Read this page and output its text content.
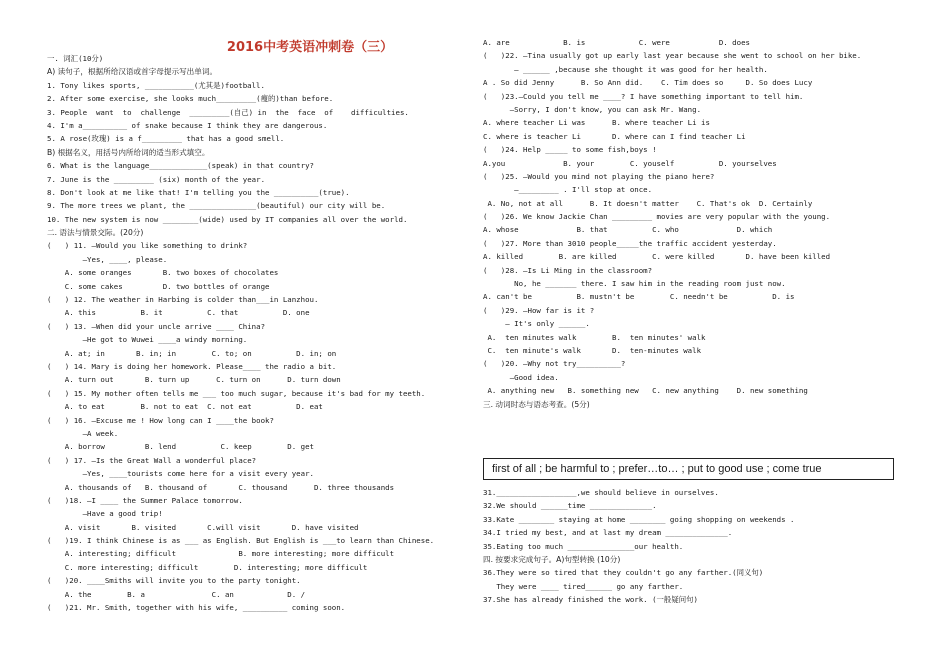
2016中考英语冲刺卷（三）
一. 词汇(10分)
A) 读句子，根据所给汉语或首字母提示写出单词。
1. Tony likes sports, ___________(尤其是)football.
2. After some exercise, she looks much_________(瘦的)than before.
3. People  want  to  challenge  _________(自己) in  the  face  of    difficulties.
4. I'm a__________ of snake because I think they are dangerous.
5. A rose(玫瑰) is a f_________ that has a good smell.
B) 根据名义，用括号内所给词的适当形式填空。
6. What is the language_____________(speak) in that country?
7. June is the _________ (six) month of the year.
8. Don't look at me like that! I'm telling you the __________(true).
9. The more trees we plant, the _______________(beautiful) our city will be.
10. The new system is now ________(wide) used by IT companies all over the world.
二. 语法与情景交际。(20分)
(   ) 11. —Would you like something to drink?
—Yes, ____, please.
A. some oranges       B. two boxes of chocolates
C. some cakes         D. two bottles of orange
(   ) 12. The weather in Harbing is colder than___in Lanzhou.
A. this          B. it          C. that          D. one
(   ) 13. —When did your uncle arrive ____ China?
—He got to Wuwei ____a windy morning.
A. at; in       B. in; in        C. to; on          D. in; on
(   ) 14. Mary is doing her homework. Please____ the radio a bit.
A. turn out       B. turn up      C. turn on      D. turn down
(   ) 15. My mother often tells me ___ too much sugar, because it's bad for my teeth.
A. to eat        B. not to eat  C. not eat          D. eat
(   ) 16. —Excuse me ! How long can I ____the book?
—A week.
A. borrow         B. lend          C. keep        D. get
(   ) 17. —Is the Great Wall a wonderful place?
—Yes, ____tourists come here for a visit every year.
A. thousands of   B. thousand of       C. thousand      D. three thousands
(   )18. —I ____ the Summer Palace tomorrow.
—Have a good trip!
A. visit       B. visited       C.will visit       D. have visited
(   )19. I think Chinese is as ___ as English. But English is ___to learn than Chinese.
A. interesting; difficult              B. more interesting; more difficult
C. more interesting; difficult        D. interesting; more difficult
(   )20. ____Smiths will invite you to the party tonight.
A. the        B. a               C. an            D. /
(   )21. Mr. Smith, together with his wife, __________ coming soon.
A. are            B. is            C. were           D. does
(   )22. —Tina usually got up early last year because she went to school on her bike.
— ______ ,because she thought it was good for her health.
A . So did Jenny      B. So Ann did.    C. Tim does so     D. So does Lucy
(   )23.—Could you tell me ____? I have something important to tell him.
—Sorry, I don't know, you can ask Mr. Wang.
A. where teacher Li was      B. where teacher Li is
C. where is teacher Li       D. where can I find teacher Li
(   )24. Help _____ to some fish,boys !
A.you             B. your        C. youself          D. yourselves
(   )25. —Would you mind not playing the piano here?
—_________ . I'll stop at once.
A. No, not at all      B. It doesn't matter    C. That's ok  D. Certainly
(   )26. We know Jackie Chan _________ movies are very popular with the young.
A. whose             B. that          C. who             D. which
(   )27. More than 3010 people_____the traffic accident yesterday.
A. killed        B. are killed        C. were killed       D. have been killed
(   )28. —Is Li Ming in the classroom?
No, he _______ there. I saw him in the reading room just now.
A. can't be          B. mustn't be        C. needn't be          D. is
(   )29. —How far is it ?
— It's only ______.
A.  ten minutes walk        B.  ten minutes' walk
C.  ten minute's walk       D.  ten-minutes walk
(   )20. —Why not try__________?
—Good idea.
A. anything new   B. something new   C. new anything    D. new something
三. 动词时态与语态考查。(5分)
first of all ; be harmful to ; prefer…to… ; put to good use ; come true
31.__________________,we should believe in ourselves.
32.We should ______time ______________.
33.Kate ________ staying at home ________ going shopping on weekends .
34.I tried my best, and at last my dream ______________.
35.Eating too much _______________our health.
四. 按要求完成句子。A)句型转换 (10分)
36.They were so tired that they couldn't go any farther.(同义句)
They were ____ tired______ go any farther.
37.She has already finished the work. (一般疑问句)
